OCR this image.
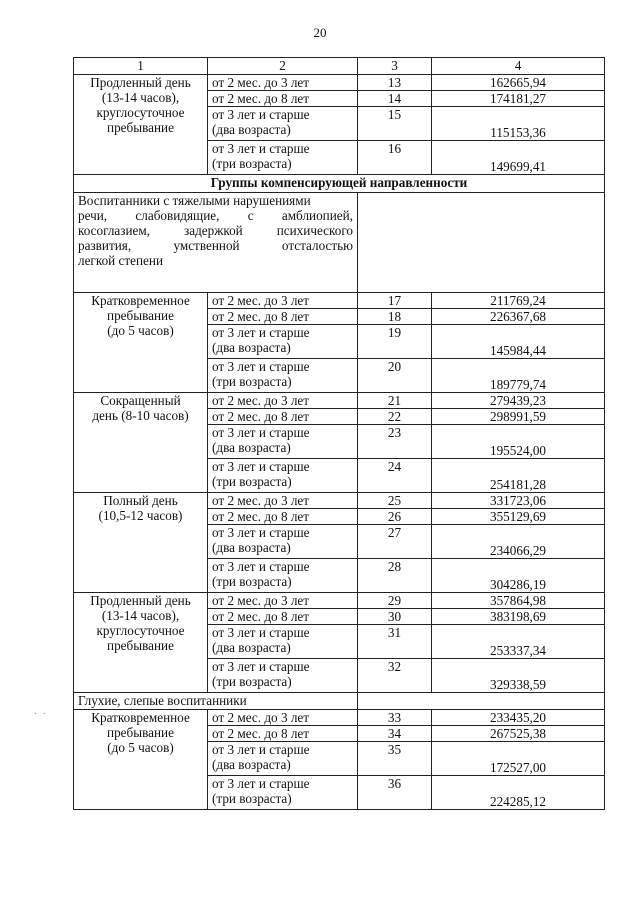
20
1	2	3	4

Продленный день
(13-14 часов),
круглосуточное
пребывание	от 2 мес. до 3 лет	13	162665,94

	от 2 мес. до 8 лет	14	174181,27

	от 3 лет и старше
(два возраста)	15	115153,36

	от 3 лет и старше
(три возраста)	16	149699,41
Группы компенсирующей направленности			

Воспитанники с тяжелыми нарушениями
речи, слабовидящие, с амблиопией,
косоглазием, задержкой психического
развития, умственной отсталостью
легкой степени			

Кратковременное
пребывание
(до 5 часов)	от 2 мес. до 3 лет	17	211769,24

	от 2 мес. до 8 лет	18	226367,68

	от 3 лет и старше
(два возраста)	19	145984,44

	от 3 лет и старше
(три возраста)	20	189779,74

Сокращенный
день (8-10 часов)	от 2 мес. до 3 лет	21	279439,23

	от 2 мес. до 8 лет	22	298991,59

	от 3 лет и старше
(два возраста)	23	195524,00

	от 3 лет и старше
(три возраста)	24	254181,28

Полный день
(10,5-12 часов)	от 2 мес. до 3 лет	25	331723,06

	от 2 мес. до 8 лет	26	355129,69

	от 3 лет и старше
(два возраста)	27	234066,29

	от 3 лет и старше
(три возраста)	28	304286,19

Продленный день
(13-14 часов),
круглосуточное
пребывание	от 2 мес. до 3 лет	29	357864,98

	от 2 мес. до 8 лет	30	383198,69

	от 3 лет и старше
(два возраста)	31	253337,34

	от 3 лет и старше
(три возраста)	32	329338,59
Глухие, слепые воспитанники			

Кратковременное
пребывание
(до 5 часов)	от 2 мес. до 3 лет	33	233435,20

	от 2 мес. до 8 лет	34	267525,38

	от 3 лет и старше
(два возраста)	35	172527,00

	от 3 лет и старше
(три возраста)	36	224285,12
. .
